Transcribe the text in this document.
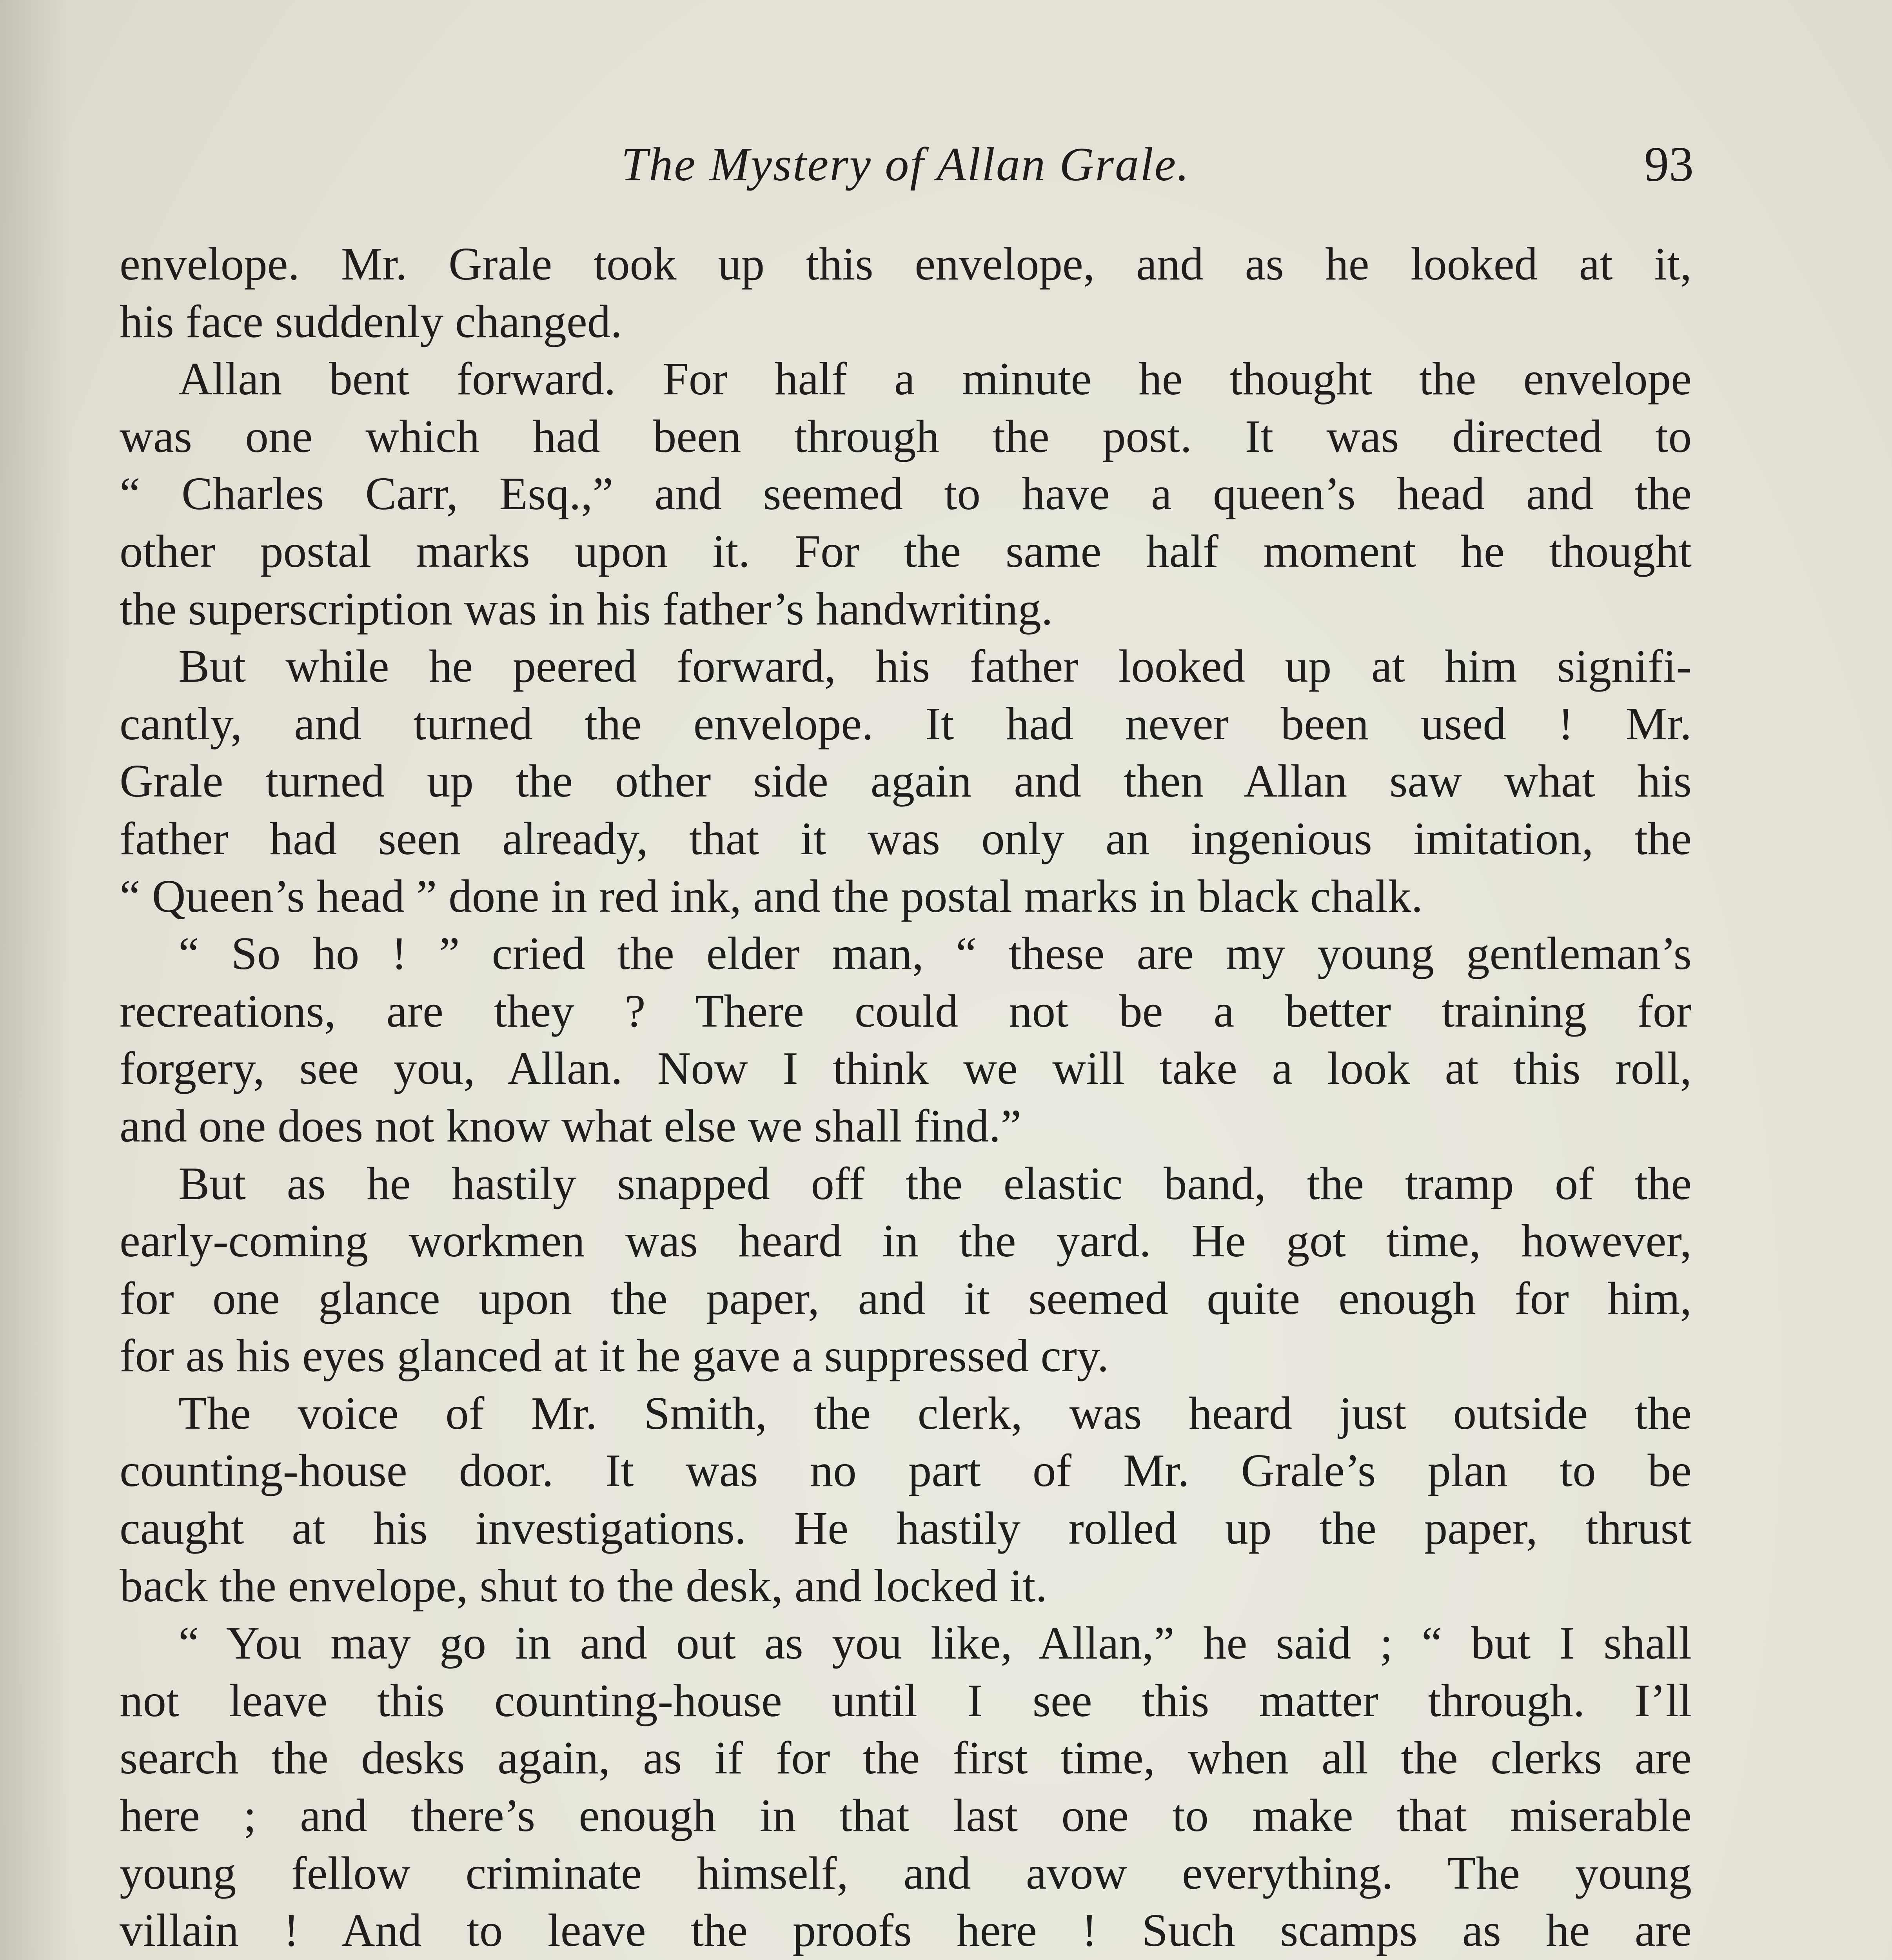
The Mystery of Allan Grale.	93
envelope. Mr. Grale took up this envelope, and as he looked at it,
his face suddenly changed.
Allan bent forward. For half a minute he thought the envelope
was one which had been through the post. It was directed to
“ Charles Carr, Esq.,” and seemed to have a queen’s head and the
other postal marks upon it. For the same half moment he thought
the superscription was in his father’s handwriting.
But while he peered forward, his father looked up at him signifi-
cantly, and turned the envelope. It had never been used ! Mr.
Grale turned up the other side again and then Allan saw what his
father had seen already, that it was only an ingenious imitation, the
“ Queen’s head ” done in red ink, and the postal marks in black chalk.
“ So ho ! ” cried the elder man, “ these are my young gentleman’s
recreations, are they ? There could not be a better training for
forgery, see you, Allan. Now I think we will take a look at this roll,
and one does not know what else we shall find.”
But as he hastily snapped off the elastic band, the tramp of the
early-coming workmen was heard in the yard. He got time, however,
for one glance upon the paper, and it seemed quite enough for him,
for as his eyes glanced at it he gave a suppressed cry.
The voice of Mr. Smith, the clerk, was heard just outside the
counting-house door. It was no part of Mr. Grale’s plan to be
caught at his investigations. He hastily rolled up the paper, thrust
back the envelope, shut to the desk, and locked it.
“ You may go in and out as you like, Allan,” he said ; “ but I shall
not leave this counting-house until I see this matter through. I’ll
search the desks again, as if for the first time, when all the clerks are
here ; and there’s enough in that last one to make that miserable
young fellow criminate himself, and avow everything. The young
villain ! And to leave the proofs here ! Such scamps as he are
